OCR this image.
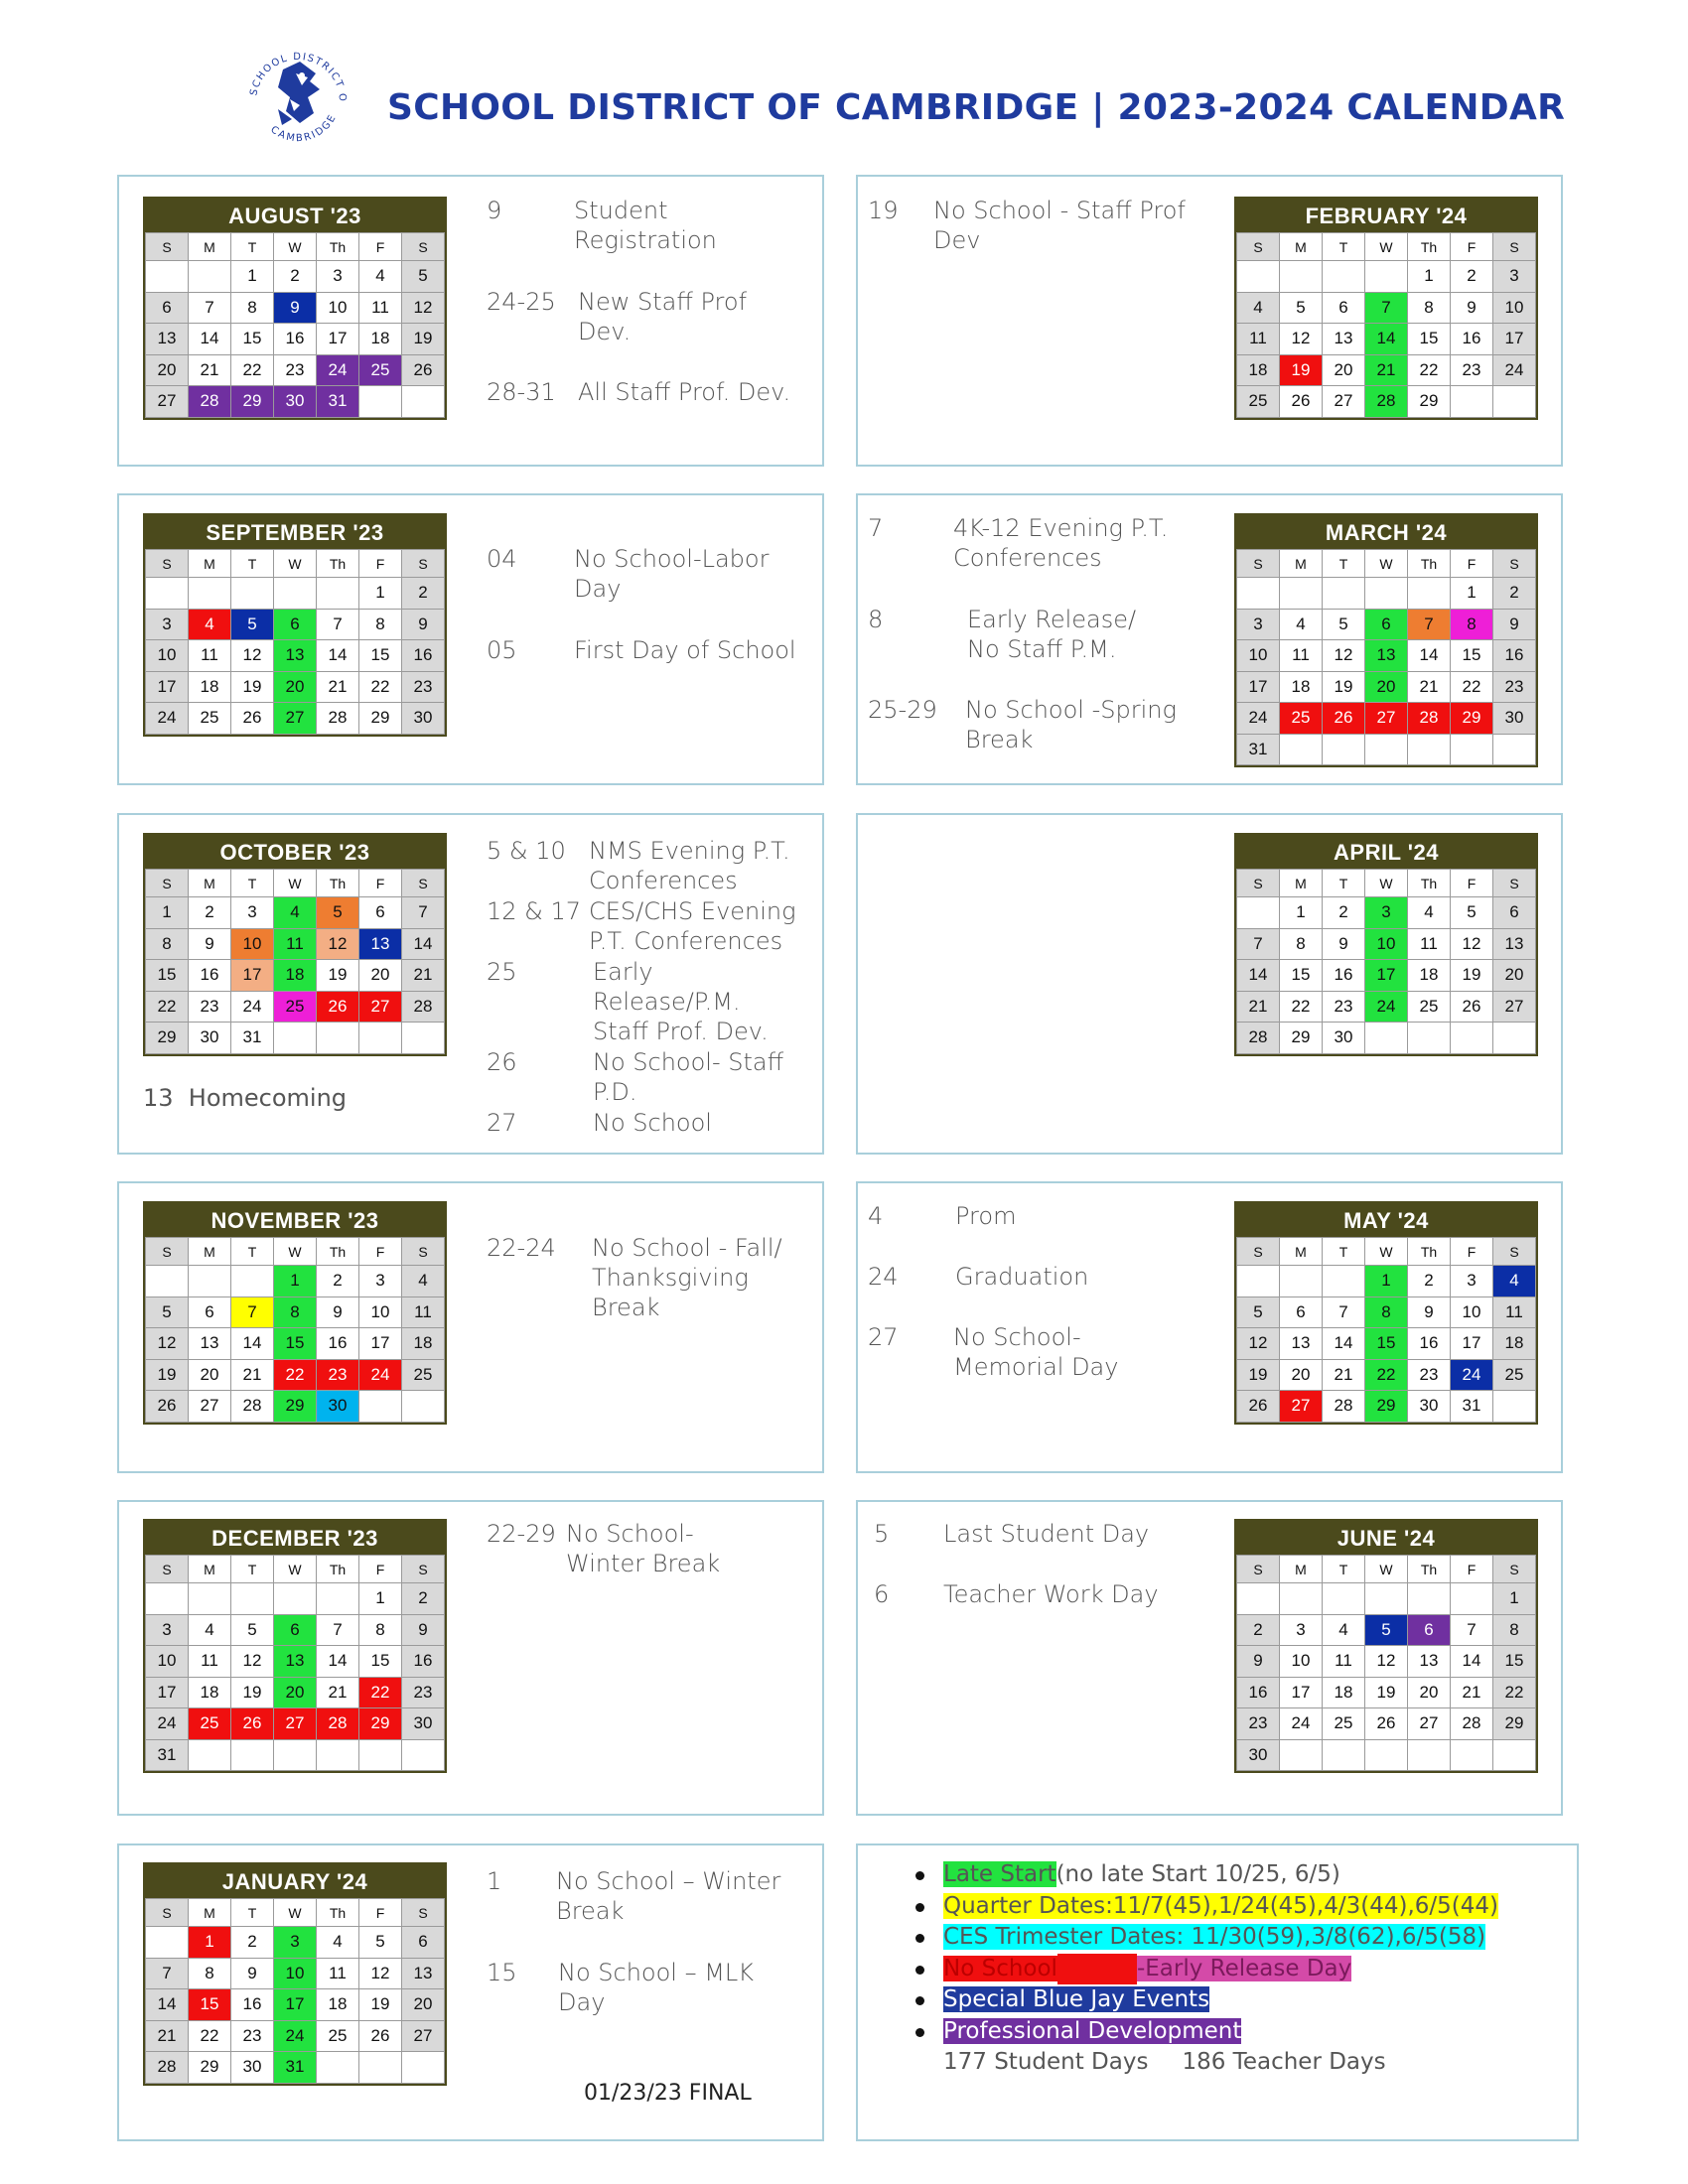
SCHOOL DISTRICT O
CAMBRIDGE SCHOOL DISTRICT OF CAMBRIDGE | 2023-2024 CALENDAR
AUGUST '23
S	M	T	W	Th	F	S
		1	2	3	4	5
6	7	8	9	10	11	12
13	14	15	16	17	18	19
20	21	22	23	24	25	26
27	28	29	30	31		
FEBRUARY '24
S	M	T	W	Th	F	S
				1	2	3
4	5	6	7	8	9	10
11	12	13	14	15	16	17
18	19	20	21	22	23	24
25	26	27	28	29		
SEPTEMBER '23
S	M	T	W	Th	F	S
					1	2
3	4	5	6	7	8	9
10	11	12	13	14	15	16
17	18	19	20	21	22	23
24	25	26	27	28	29	30
MARCH '24
S	M	T	W	Th	F	S
					1	2
3	4	5	6	7	8	9
10	11	12	13	14	15	16
17	18	19	20	21	22	23
24	25	26	27	28	29	30
31						
OCTOBER '23
S	M	T	W	Th	F	S
1	2	3	4	5	6	7
8	9	10	11	12	13	14
15	16	17	18	19	20	21
22	23	24	25	26	27	28
29	30	31				
APRIL '24
S	M	T	W	Th	F	S
	1	2	3	4	5	6
7	8	9	10	11	12	13
14	15	16	17	18	19	20
21	22	23	24	25	26	27
28	29	30				
NOVEMBER '23
S	M	T	W	Th	F	S
			1	2	3	4
5	6	7	8	9	10	11
12	13	14	15	16	17	18
19	20	21	22	23	24	25
26	27	28	29	30		
MAY '24
S	M	T	W	Th	F	S
			1	2	3	4
5	6	7	8	9	10	11
12	13	14	15	16	17	18
19	20	21	22	23	24	25
26	27	28	29	30	31	
DECEMBER '23
S	M	T	W	Th	F	S
					1	2
3	4	5	6	7	8	9
10	11	12	13	14	15	16
17	18	19	20	21	22	23
24	25	26	27	28	29	30
31						
JUNE '24
S	M	T	W	Th	F	S
						1
2	3	4	5	6	7	8
9	10	11	12	13	14	15
16	17	18	19	20	21	22
23	24	25	26	27	28	29
30						
JANUARY '24
S	M	T	W	Th	F	S
	1	2	3	4	5	6
7	8	9	10	11	12	13
14	15	16	17	18	19	20
21	22	23	24	25	26	27
28	29	30	31			
9	Student Registration
24-25 New Staff Prof Dev.
28-31 All Staff Prof. Dev.
19 No School - Staff Prof Dev
04 No School-Labor Day
05 First Day of School
7	4K-12 Evening P.T. Conferences
8	Early Release/ No Staff P.M.
25-29 No School -Spring Break
5 & 10 NMS Evening P.T. Conferences
12 & 17 CES/CHS Evening P.T. Conferences
25	Early Release/P.M. Staff Prof. Dev.
26	No School- Staff P.D.
27	No School
13  Homecoming
22-24 No School - Fall/ Thanksgiving Break
4	Prom
24 Graduation
27 No School- Memorial Day
22-29 No School- Winter Break
5 Last Student Day
6 Teacher Work Day
1 No School – Winter Break
15 No School – MLK Day
01/23/23 FINAL
Late Start(no late Start 10/25, 6/5)
Quarter Dates:11/7(45),1/24(45),4/3(44),6/5(44)
CES Trimester Dates: 11/30(59),3/8(62),6/5(58)
No School	-Early Release Day
Special Blue Jay Events
Professional Development
177 Student Days 186 Teacher Days
